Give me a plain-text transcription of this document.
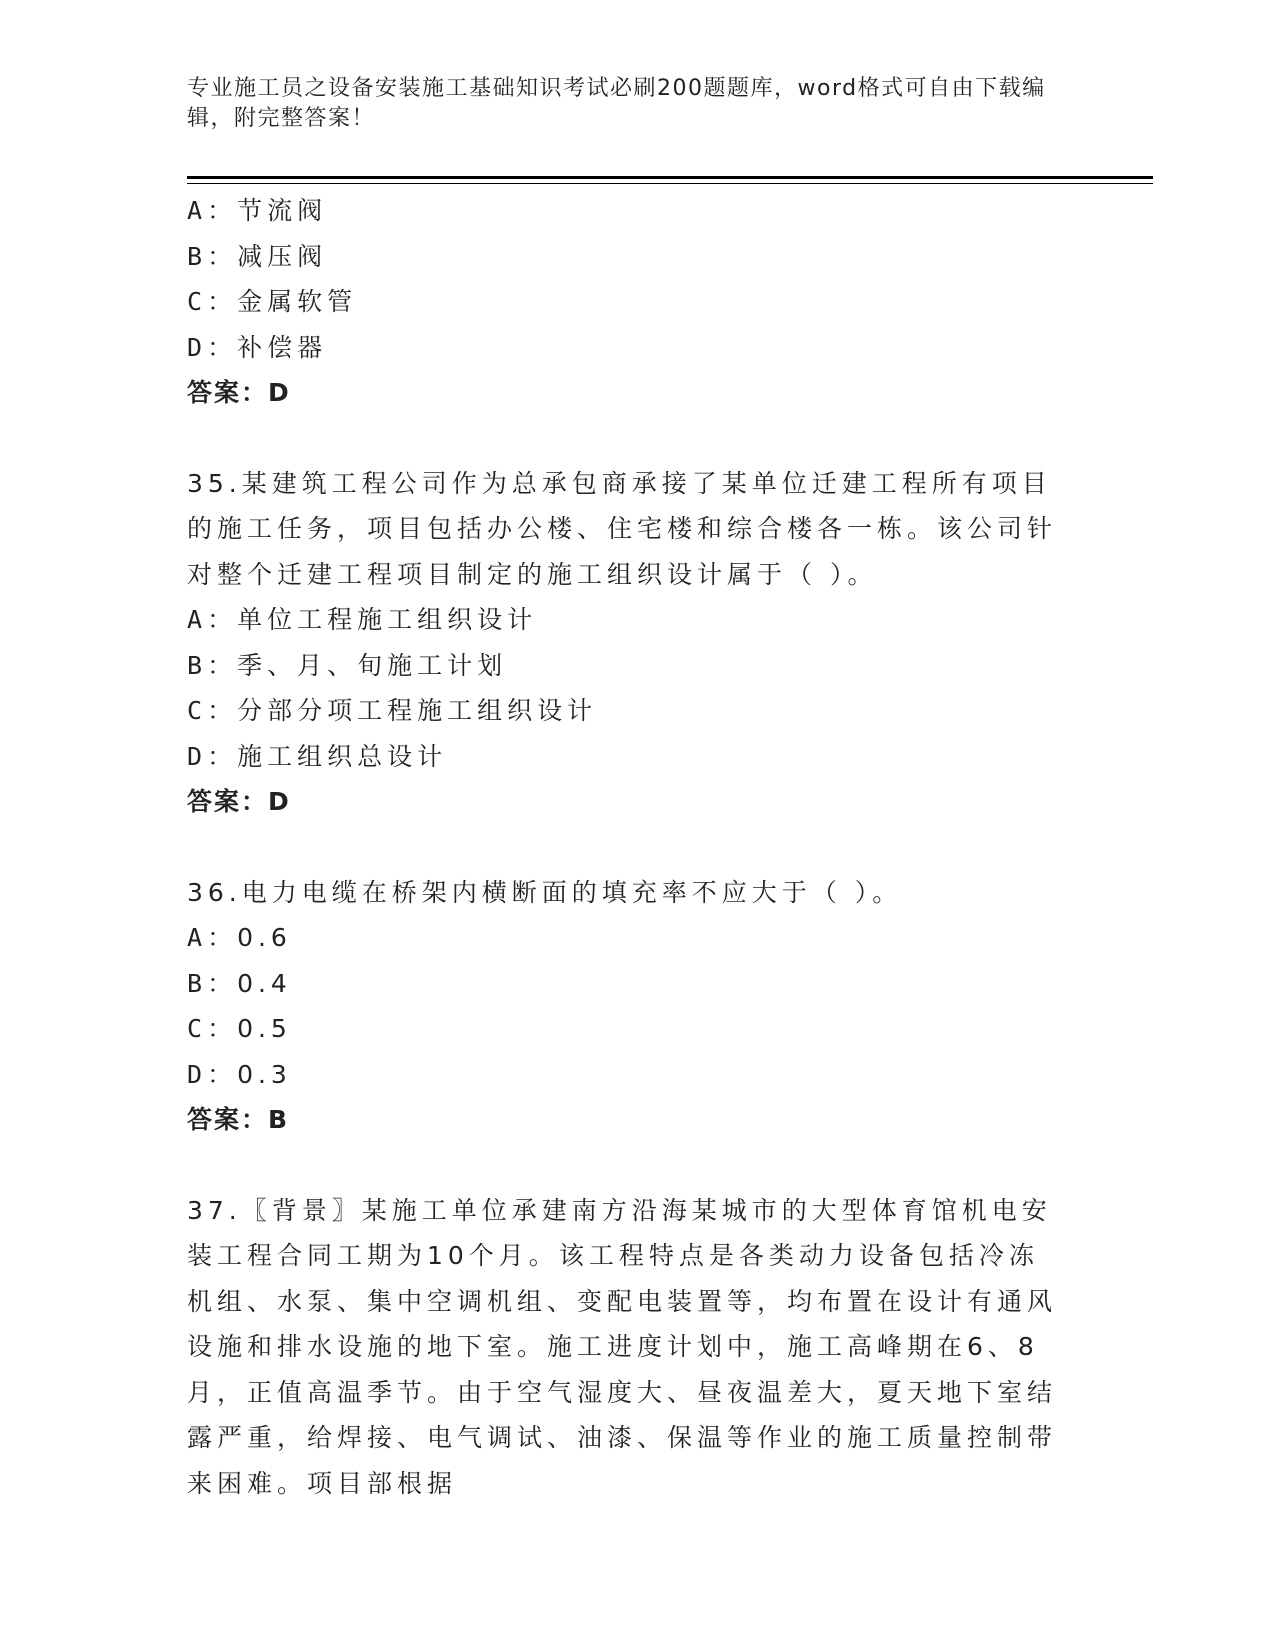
专业施工员之设备安装施工基础知识考试必刷200题题库，word格式可自由下载编辑，附完整答案！
A：节流阀
B：减压阀
C：金属软管
D：补偿器
答案：D
35.某建筑工程公司作为总承包商承接了某单位迁建工程所有项目的施工任务，项目包括办公楼、住宅楼和综合楼各一栋。该公司针对整个迁建工程项目制定的施工组织设计属于（ ）。
A：单位工程施工组织设计
B：季、月、旬施工计划
C：分部分项工程施工组织设计
D：施工组织总设计
答案：D
36.电力电缆在桥架内横断面的填充率不应大于（ ）。
A：0.6
B：0.4
C：0.5
D：0.3
答案：B
37.〖背景〗某施工单位承建南方沿海某城市的大型体育馆机电安装工程合同工期为10个月。该工程特点是各类动力设备包括冷冻机组、水泵、集中空调机组、变配电装置等，均布置在设计有通风设施和排水设施的地下室。施工进度计划中，施工高峰期在6、8月，正值高温季节。由于空气湿度大、昼夜温差大，夏天地下室结露严重，给焊接、电气调试、油漆、保温等作业的施工质量控制带来困难。项目部根据
